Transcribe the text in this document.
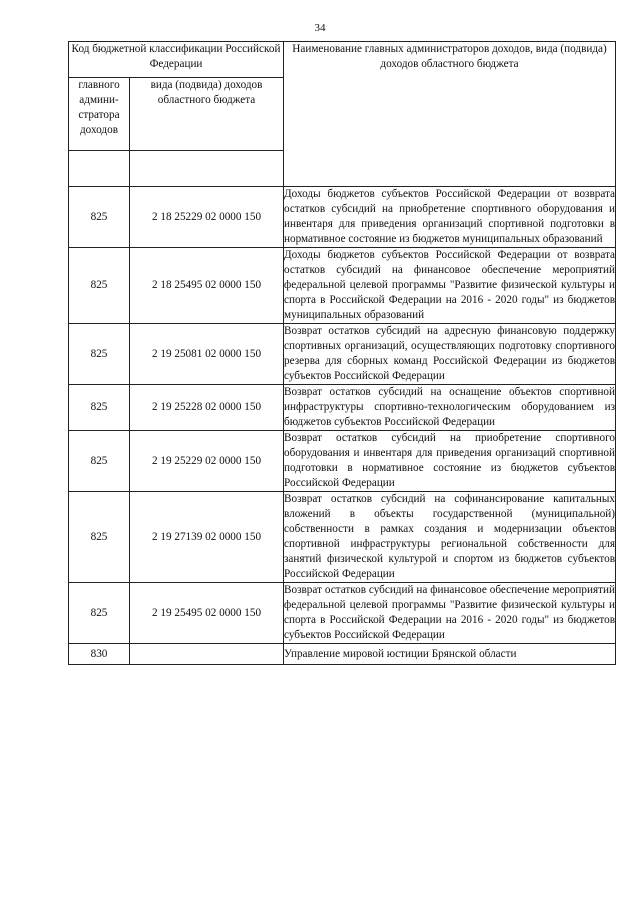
34
Код бюджетной классификации Российской Федерации		Наименование главных администраторов доходов, вида (подвида) доходов областного бюджета
главного админи-стратора доходов	вида (подвида) доходов областного бюджета	

825	2 18 25229 02 0000 150	Доходы бюджетов субъектов Российской Федерации от возврата остатков субсидий на приобретение спортивного оборудования и инвентаря для приведения организаций спортивной подготовки в нормативное состояние из бюджетов муниципальных образований
825	2 18 25495 02 0000 150	Доходы бюджетов субъектов Российской Федерации от возврата остатков субсидий на финансовое обеспечение мероприятий федеральной целевой программы "Развитие физической культуры и спорта в Российской Федерации на 2016 - 2020 годы" из бюджетов муниципальных образований
825	2 19 25081 02 0000 150	Возврат остатков субсидий на адресную финансовую поддержку спортивных организаций, осуществляющих подготовку спортивного резерва для сборных команд Российской Федерации из бюджетов субъектов Российской Федерации
825	2 19 25228 02 0000 150	Возврат остатков субсидий на оснащение объектов спортивной инфраструктуры спортивно-технологическим оборудованием из бюджетов субъектов Российской Федерации
825	2 19 25229 02 0000 150	Возврат остатков субсидий на приобретение спортивного оборудования и инвентаря для приведения организаций спортивной подготовки в нормативное состояние из бюджетов субъектов Российской Федерации
825	2 19 27139 02 0000 150	Возврат остатков субсидий на софинансирование капитальных вложений в объекты государственной (муниципальной) собственности в рамках создания и модернизации объектов спортивной инфраструктуры региональной собственности для занятий физической культурой и спортом из бюджетов субъектов Российской Федерации
825	2 19 25495 02 0000 150	Возврат остатков субсидий на финансовое обеспечение мероприятий федеральной целевой программы "Развитие физической культуры и спорта в Российской Федерации на 2016 - 2020 годы" из бюджетов субъектов Российской Федерации
830		Управление мировой юстиции Брянской области
